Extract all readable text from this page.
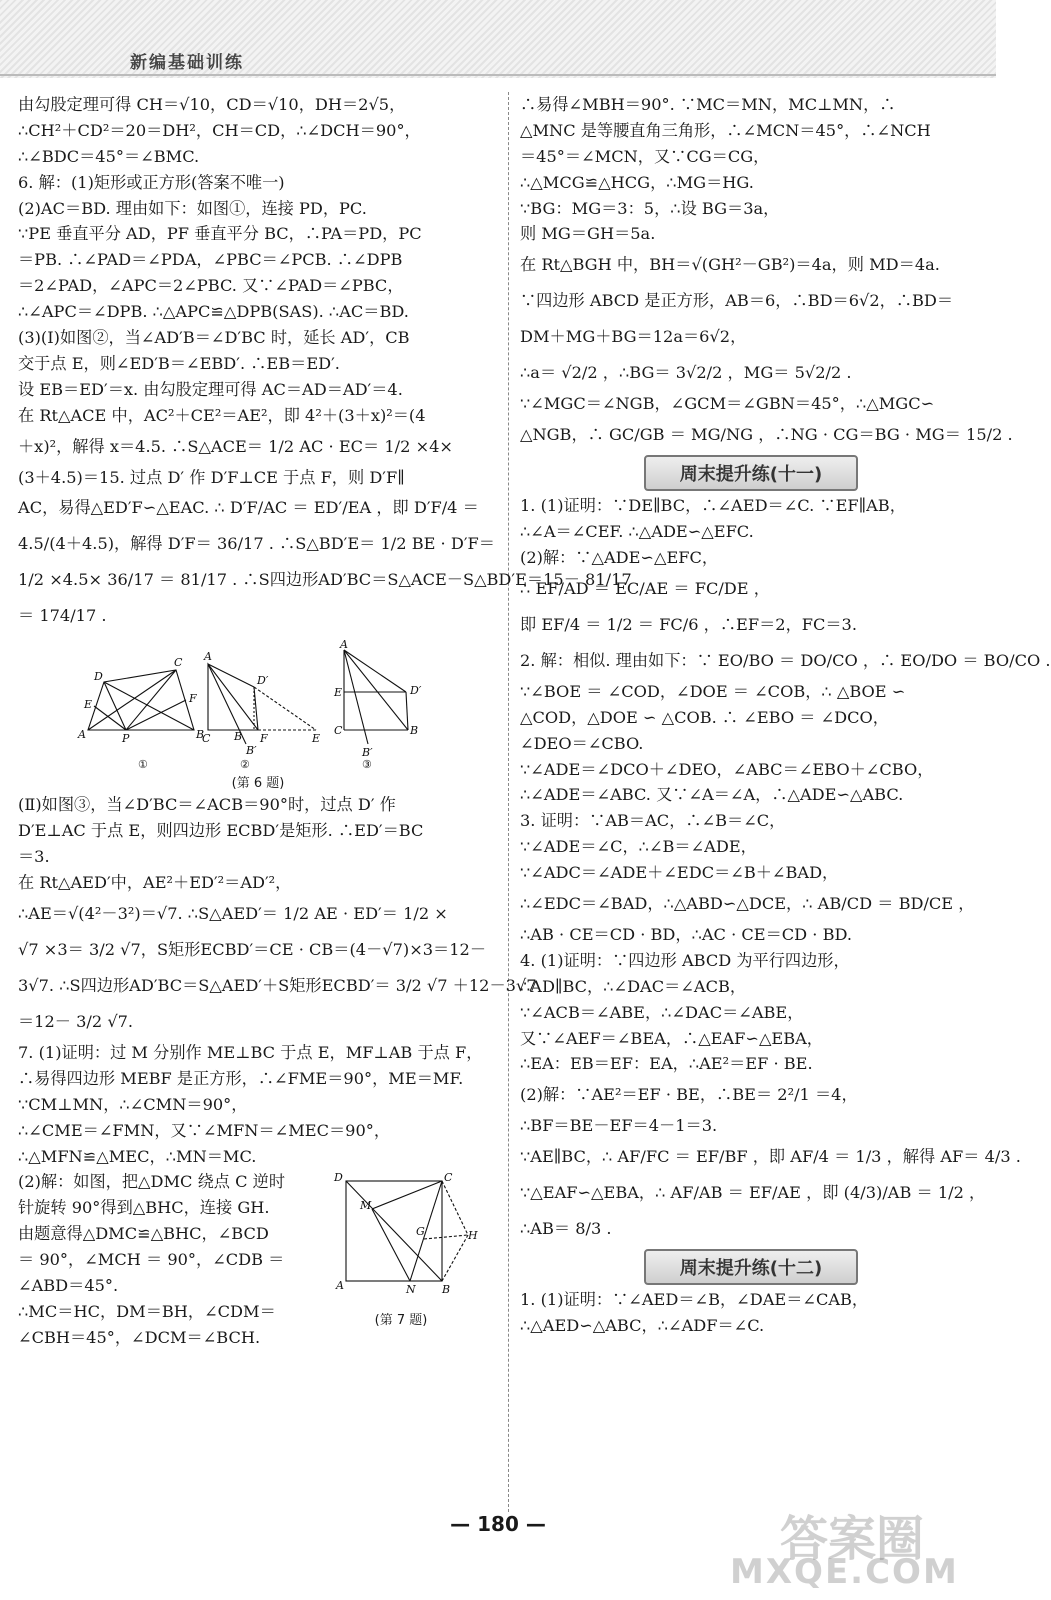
新编基础训练
由勾股定理可得 CH＝√10，CD＝√10，DH＝2√5，
∴CH²＋CD²＝20＝DH²，CH＝CD，∴∠DCH＝90°，
∴∠BDC＝45°＝∠BMC.
6. 解：(1)矩形或正方形(答案不唯一)
(2)AC＝BD. 理由如下：如图①，连接 PD，PC.
∵PE 垂直平分 AD，PF 垂直平分 BC，∴PA＝PD，PC
＝PB. ∴∠PAD＝∠PDA，∠PBC＝∠PCB. ∴∠DPB
＝2∠PAD，∠APC＝2∠PBC. 又∵∠PAD＝∠PBC，
∴∠APC＝∠DPB. ∴△APC≌△DPB(SAS). ∴AC＝BD.
(3)(Ⅰ)如图②，当∠AD′B＝∠D′BC 时，延长 AD′，CB
交于点 E，则∠ED′B＝∠EBD′. ∴EB＝ED′.
设 EB＝ED′＝x. 由勾股定理可得 AC＝AD＝AD′＝4.
在 Rt△ACE 中，AC²＋CE²＝AE²，即 4²＋(3＋x)²＝(4
＋x)²，解得 x＝4.5. ∴S△ACE＝ 1/2 AC · EC＝ 1/2 ×4×
(3＋4.5)＝15. 过点 D′ 作 D′F⊥CE 于点 F，则 D′F∥
AC，易得△ED′F∽△EAC. ∴ D′F/AC ＝ ED′/EA ，即 D′F/4 ＝
4.5/(4＋4.5)，解得 D′F＝ 36/17 . ∴S△BD′E＝ 1/2 BE · D′F＝
1/2 ×4.5× 36/17 ＝ 81/17 . ∴S四边形AD′BC＝S△ACE－S△BD′E＝15－ 81/17
＝ 174/17 .
A	B
C
D
E	F
P
A
C
D′
B
B′
F	E
A
E
C
D′
B
B′
①	②	③
(第 6 题)
(Ⅱ)如图③，当∠D′BC＝∠ACB＝90°时，过点 D′ 作
D′E⊥AC 于点 E，则四边形 ECBD′是矩形. ∴ED′＝BC
＝3.
在 Rt△AED′中，AE²＋ED′²＝AD′²，
∴AE＝√(4²－3²)＝√7. ∴S△AED′＝ 1/2 AE · ED′＝ 1/2 ×
√7 ×3＝ 3/2 √7，S矩形ECBD′＝CE · CB＝(4－√7)×3＝12－
3√7. ∴S四边形AD′BC＝S△AED′＋S矩形ECBD′＝ 3/2 √7 ＋12－3√7
＝12－ 3/2 √7.
7. (1)证明：过 M 分别作 ME⊥BC 于点 E，MF⊥AB 于点 F，
∴易得四边形 MEBF 是正方形，∴∠FME＝90°，ME＝MF.
∵CM⊥MN，∴∠CMN＝90°，
∴∠CME＝∠FMN，又∵∠MFN＝∠MEC＝90°，
∴△MFN≌△MEC，∴MN＝MC.
(2)解：如图，把△DMC 绕点 C 逆时
针旋转 90°得到△BHC，连接 GH.
由题意得△DMC≌△BHC，∠BCD
＝ 90°，∠MCH ＝ 90°，∠CDB ＝
∠ABD＝45°.
∴MC＝HC，DM＝BH，∠CDM＝
∠CBH＝45°，∠DCM＝∠BCH.
D	C
M
G	H
A	N B
(第 7 题)
∴易得∠MBH＝90°. ∵MC＝MN，MC⊥MN，∴
△MNC 是等腰直角三角形，∴∠MCN＝45°，∴∠NCH
＝45°＝∠MCN，又∵CG＝CG，
∴△MCG≌△HCG，∴MG＝HG.
∵BG：MG＝3：5，∴设 BG＝3a，
则 MG＝GH＝5a.
在 Rt△BGH 中，BH＝√(GH²－GB²)＝4a，则 MD＝4a.
∵四边形 ABCD 是正方形，AB＝6，∴BD＝6√2，∴BD＝
DM＋MG＋BG＝12a＝6√2，
∴a＝ √2/2 ，∴BG＝ 3√2/2 ，MG＝ 5√2/2 .
∵∠MGC＝∠NGB，∠GCM＝∠GBN＝45°，∴△MGC∽
△NGB，∴ GC/GB ＝ MG/NG ，∴NG · CG＝BG · MG＝ 15/2 .
周末提升练(十一)
1. (1)证明：∵DE∥BC，∴∠AED＝∠C. ∵EF∥AB，
∴∠A＝∠CEF. ∴△ADE∽△EFC.
(2)解：∵△ADE∽△EFC，
∴ EF/AD ＝ EC/AE ＝ FC/DE ，
即 EF/4 ＝ 1/2 ＝ FC/6 ，∴EF＝2，FC＝3.
2. 解：相似. 理由如下：∵ EO/BO ＝ DO/CO ，∴ EO/DO ＝ BO/CO .
∵∠BOE ＝ ∠COD，∠DOE ＝ ∠COB，∴ △BOE ∽
△COD，△DOE ∽ △COB. ∴ ∠EBO ＝ ∠DCO，
∠DEO＝∠CBO.
∵∠ADE＝∠DCO＋∠DEO，∠ABC＝∠EBO＋∠CBO，
∴∠ADE＝∠ABC. 又∵∠A＝∠A，∴△ADE∽△ABC.
3. 证明：∵AB＝AC，∴∠B＝∠C，
∵∠ADE＝∠C，∴∠B＝∠ADE，
∵∠ADC＝∠ADE＋∠EDC＝∠B＋∠BAD，
∴∠EDC＝∠BAD，∴△ABD∽△DCE，∴ AB/CD ＝ BD/CE ，
∴AB · CE＝CD · BD，∴AC · CE＝CD · BD.
4. (1)证明：∵四边形 ABCD 为平行四边形，
∴AD∥BC，∴∠DAC＝∠ACB，
∵∠ACB＝∠ABE，∴∠DAC＝∠ABE，
又∵∠AEF＝∠BEA，∴△EAF∽△EBA，
∴EA：EB＝EF：EA，∴AE²＝EF · BE.
(2)解：∵AE²＝EF · BE，∴BE＝ 2²/1 ＝4，
∴BF＝BE－EF＝4－1＝3.
∵AE∥BC，∴ AF/FC ＝ EF/BF ，即 AF/4 ＝ 1/3 ，解得 AF＝ 4/3 .
∵△EAF∽△EBA，∴ AF/AB ＝ EF/AE ，即 (4/3)/AB ＝ 1/2 ，
∴AB＝ 8/3 .
周末提升练(十二)
1. (1)证明：∵∠AED＝∠B，∠DAE＝∠CAB，
∴△AED∽△ABC，∴∠ADF＝∠C.
— 180 —	答案圈
MXQE.COM
